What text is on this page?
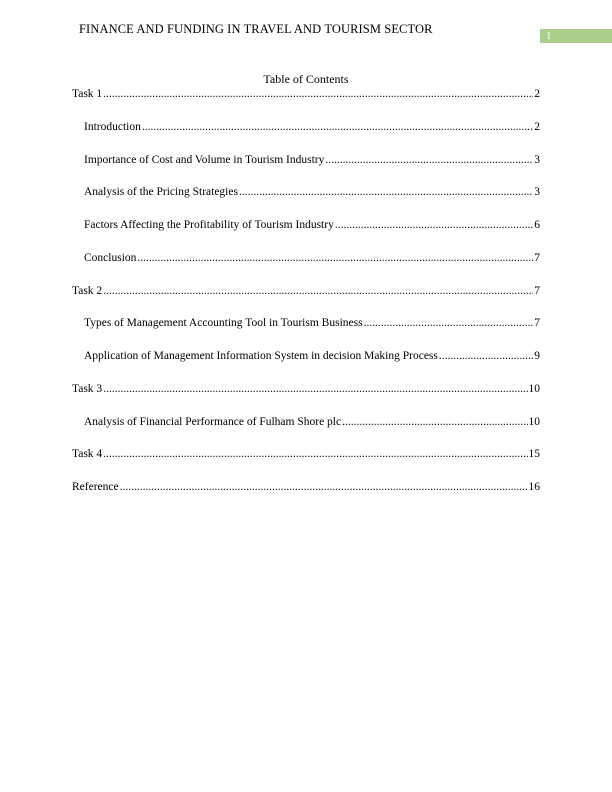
FINANCE AND FUNDING IN TRAVEL AND TOURISM SECTOR	1
Table of Contents
Task 1 .....	2
Introduction .....	2
Importance of Cost and Volume in Tourism Industry .....	3
Analysis of the Pricing Strategies .....	3
Factors Affecting the Profitability of Tourism Industry .....	6
Conclusion .....	7
Task 2 .....	7
Types of Management Accounting Tool in Tourism Business .....	7
Application of Management Information System in decision Making Process .....	9
Task 3 .....	10
Analysis of Financial Performance of Fulham Shore plc .....	10
Task 4 .....	15
Reference .....	16
